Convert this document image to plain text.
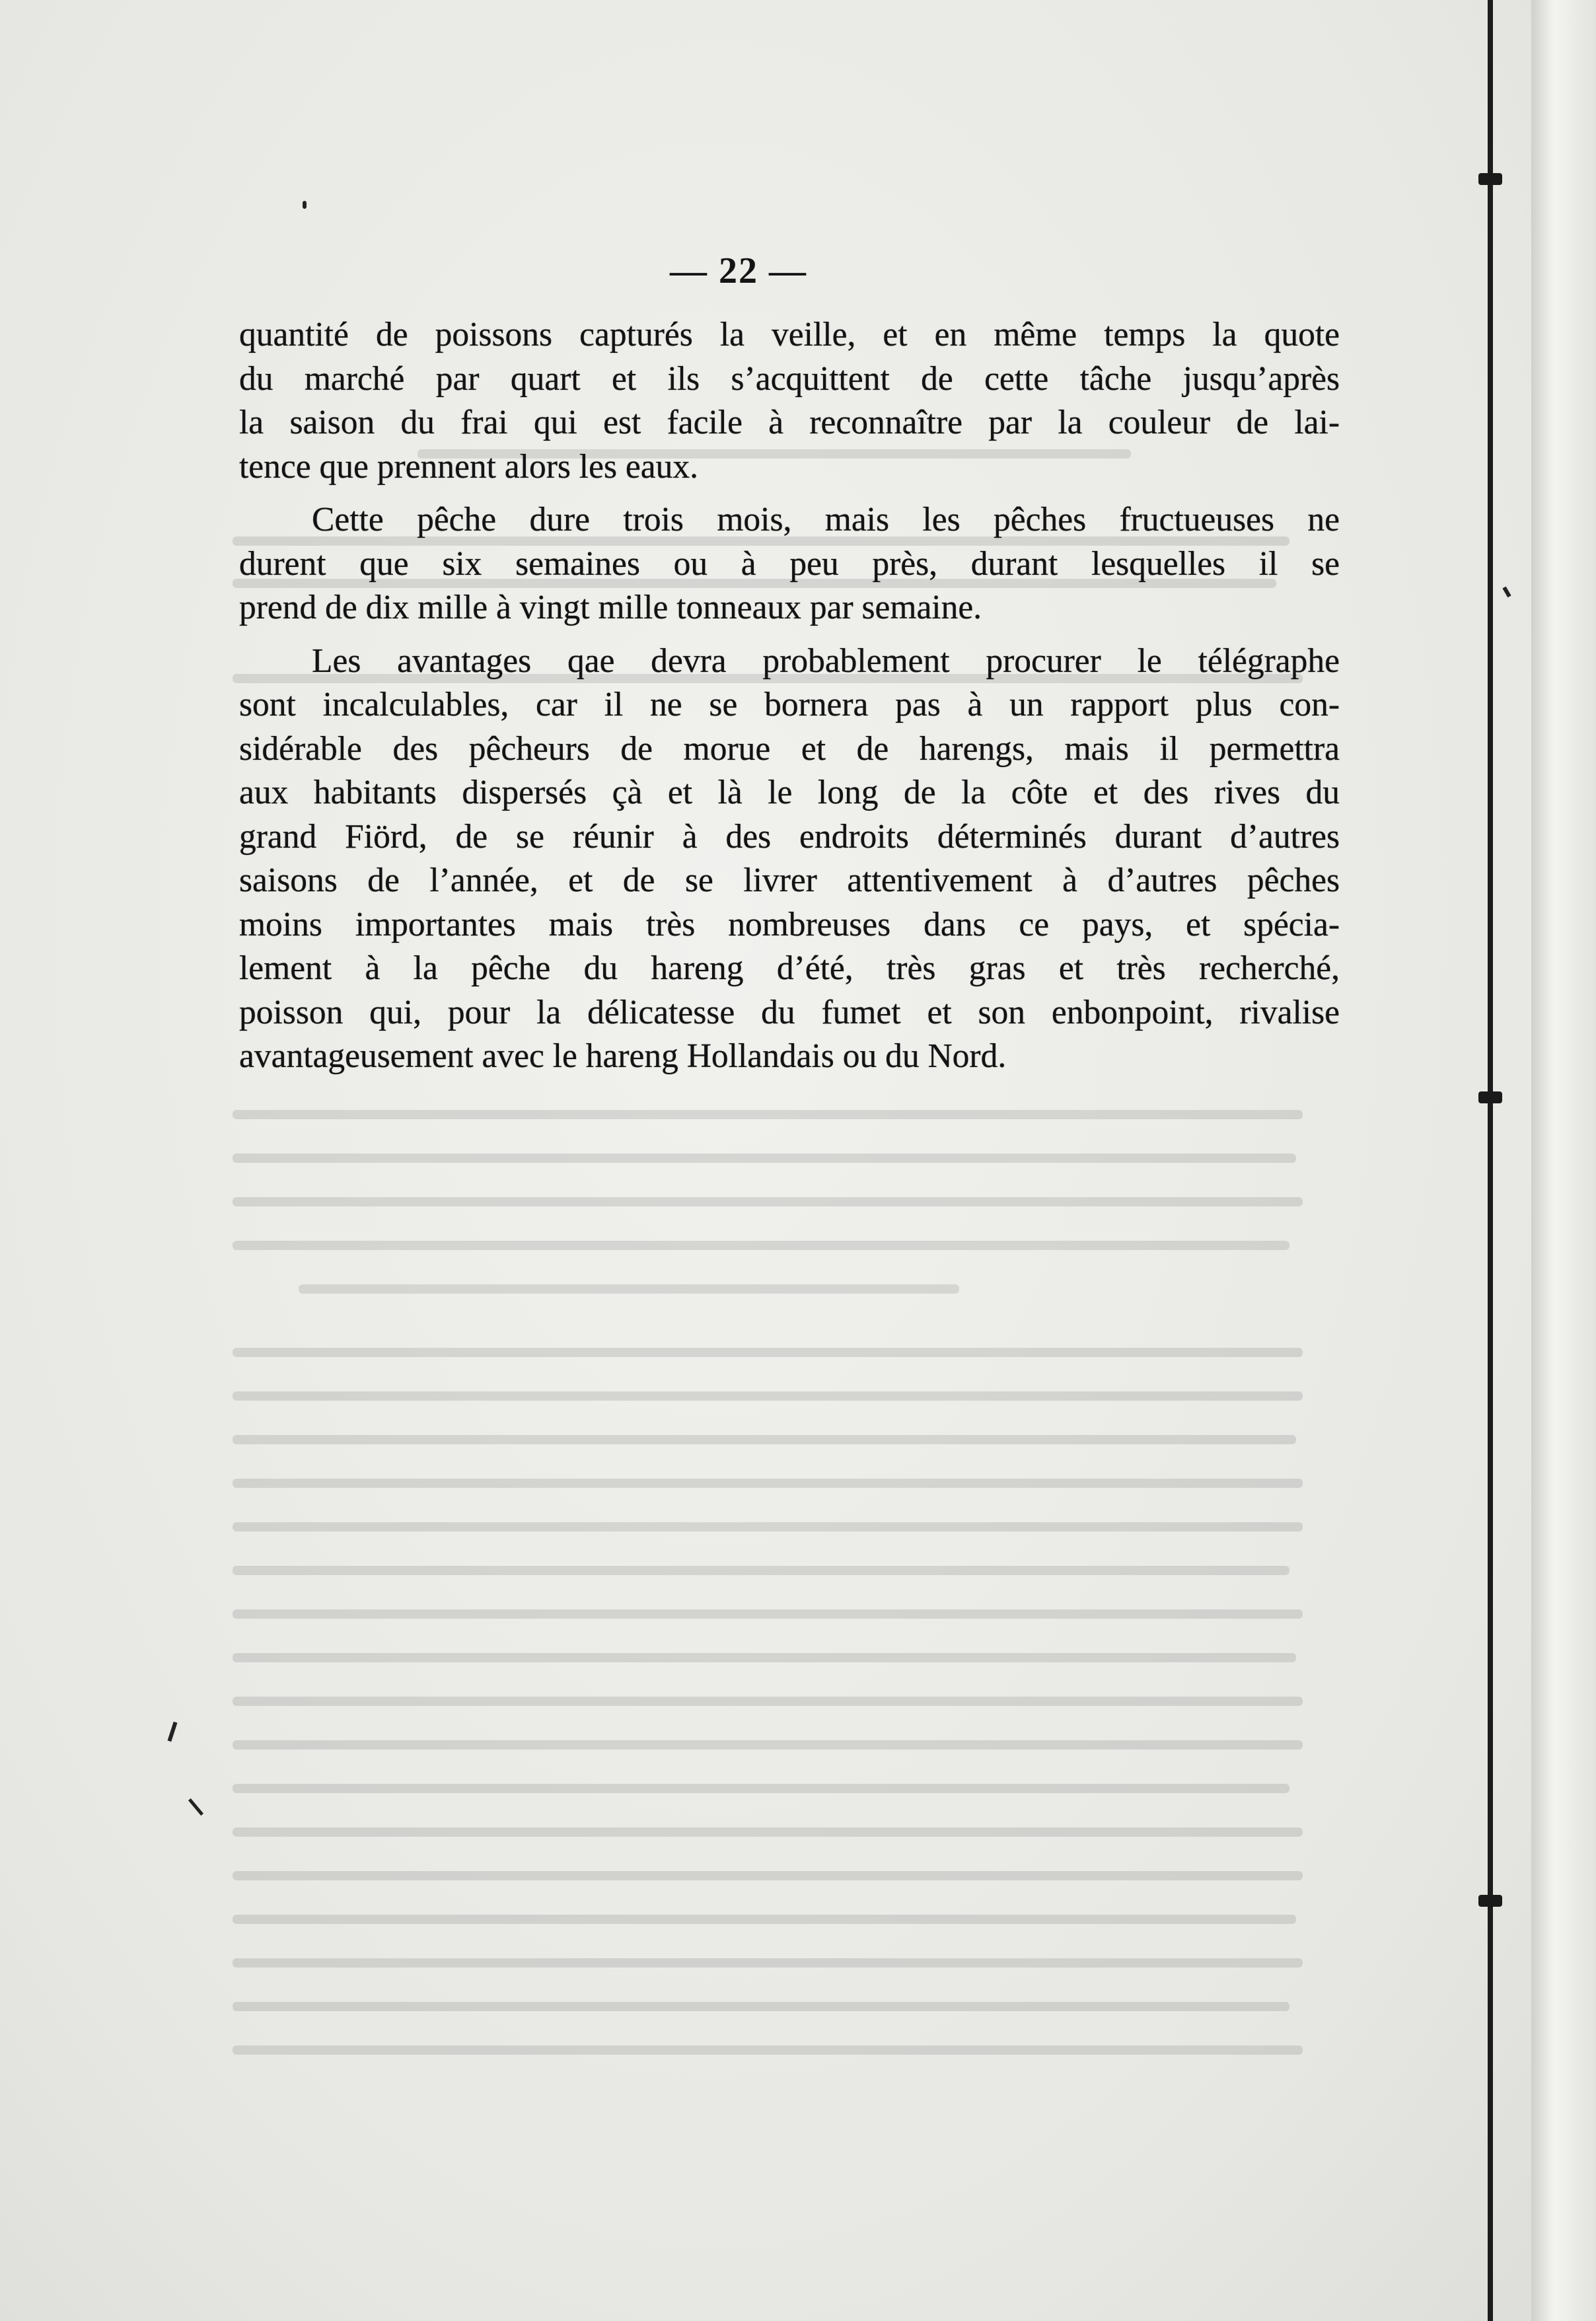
— 22 —

quantité de poissons capturés la veille, et en même temps la quote
du marché par quart et ils s’acquittent de cette tâche jusqu’après
la saison du frai qui est facile à reconnaître par la couleur de lai-
tence que prennent alors les eaux.

Cette pêche dure trois mois, mais les pêches fructueuses ne
durent que six semaines ou à peu près, durant lesquelles il se
prend de dix mille à vingt mille tonneaux par semaine.

Les avantages qae devra probablement procurer le télégraphe
sont incalculables, car il ne se bornera pas à un rapport plus con-
sidérable des pêcheurs de morue et de harengs, mais il permettra
aux habitants dispersés çà et là le long de la côte et des rives du
grand Fiörd, de se réunir à des endroits déterminés durant d’autres
saisons de l’année, et de se livrer attentivement à d’autres pêches
moins importantes mais très nombreuses dans ce pays, et spécia-
lement à la pêche du hareng d’été, très gras et très recherché,
poisson qui, pour la délicatesse du fumet et son enbonpoint, rivalise
avantageusement avec le hareng Hollandais ou du Nord.
